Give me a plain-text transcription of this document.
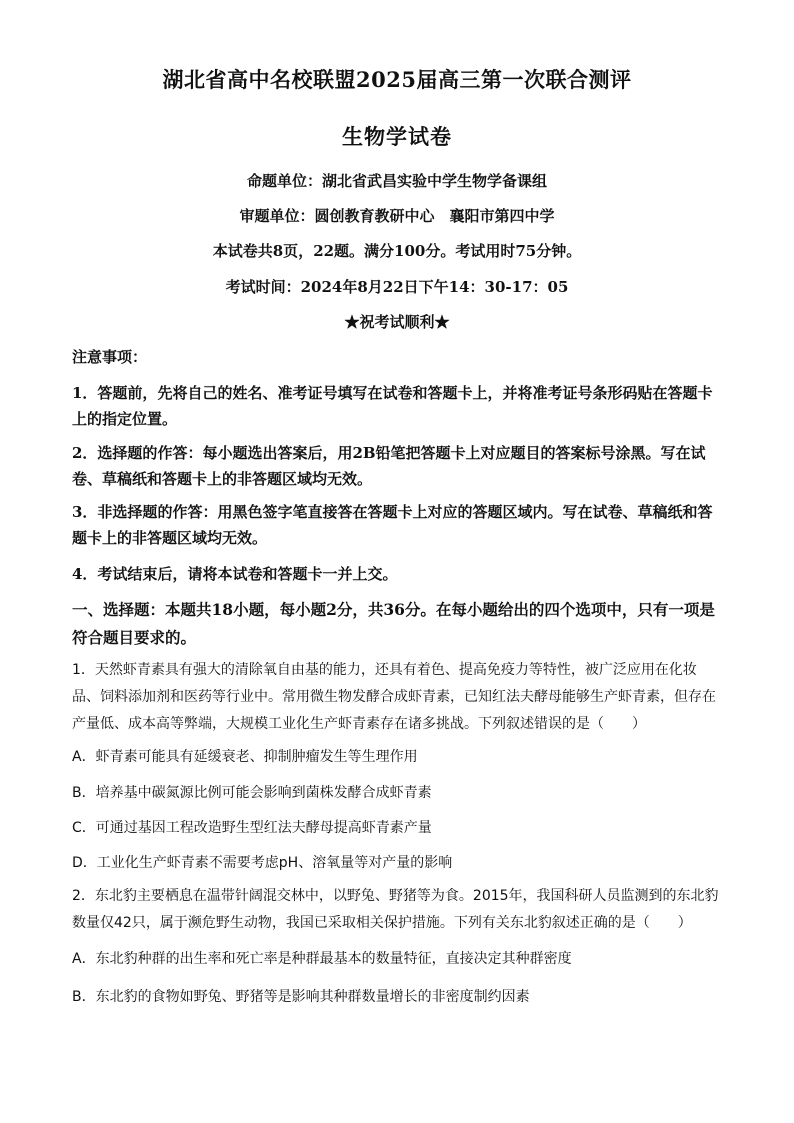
湖北省高中名校联盟2025届高三第一次联合测评
生物学试卷
命题单位：湖北省武昌实验中学生物学备课组
审题单位：圆创教育教研中心　襄阳市第四中学
本试卷共8页，22题。满分100分。考试用时75分钟。
考试时间：2024年8月22日下午14：30-17：05
★祝考试顺利★
注意事项：
1．答题前，先将自己的姓名、准考证号填写在试卷和答题卡上，并将准考证号条形码贴在答题卡上的指定位置。
2．选择题的作答：每小题选出答案后，用2B铅笔把答题卡上对应题目的答案标号涂黑。写在试卷、草稿纸和答题卡上的非答题区域均无效。
3．非选择题的作答：用黑色签字笔直接答在答题卡上对应的答题区域内。写在试卷、草稿纸和答题卡上的非答题区域均无效。
4．考试结束后，请将本试卷和答题卡一并上交。
一、选择题：本题共18小题，每小题2分，共36分。在每小题给出的四个选项中，只有一项是符合题目要求的。
1．天然虾青素具有强大的清除氧自由基的能力，还具有着色、提高免疫力等特性，被广泛应用在化妆品、饲料添加剂和医药等行业中。常用微生物发酵合成虾青素，已知红法夫酵母能够生产虾青素，但存在产量低、成本高等弊端，大规模工业化生产虾青素存在诸多挑战。下列叙述错误的是（　　）
A．虾青素可能具有延缓衰老、抑制肿瘤发生等生理作用
B．培养基中碳氮源比例可能会影响到菌株发酵合成虾青素
C．可通过基因工程改造野生型红法夫酵母提高虾青素产量
D．工业化生产虾青素不需要考虑pH、溶氧量等对产量的影响
2．东北豹主要栖息在温带针阔混交林中，以野兔、野猪等为食。2015年，我国科研人员监测到的东北豹数量仅42只，属于濒危野生动物，我国已采取相关保护措施。下列有关东北豹叙述正确的是（　　）
A．东北豹种群的出生率和死亡率是种群最基本的数量特征，直接决定其种群密度
B．东北豹的食物如野兔、野猪等是影响其种群数量增长的非密度制约因素
